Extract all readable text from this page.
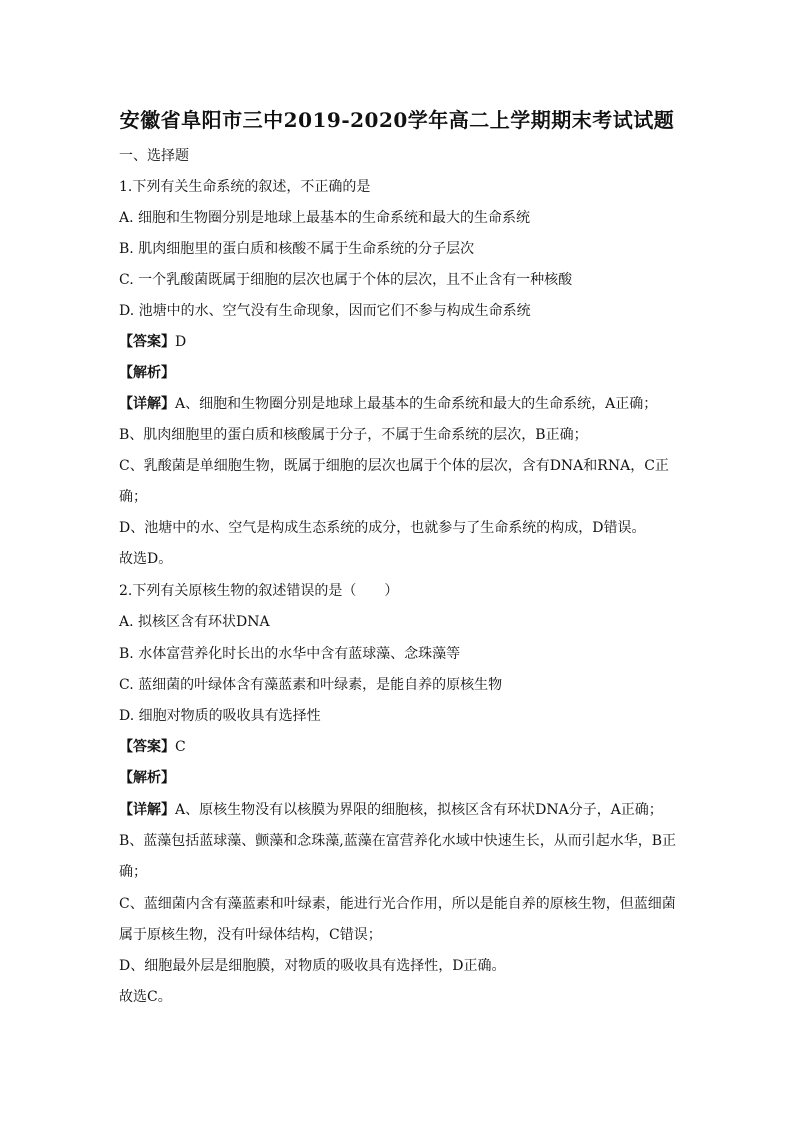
安徽省阜阳市三中2019-2020学年高二上学期期末考试试题
一、选择题
1.下列有关生命系统的叙述，不正确的是
A. 细胞和生物圈分别是地球上最基本的生命系统和最大的生命系统
B. 肌肉细胞里的蛋白质和核酸不属于生命系统的分子层次
C. 一个乳酸菌既属于细胞的层次也属于个体的层次，且不止含有一种核酸
D. 池塘中的水、空气没有生命现象，因而它们不参与构成生命系统
【答案】D
【解析】
【详解】A、细胞和生物圈分别是地球上最基本的生命系统和最大的生命系统，A正确；
B、肌肉细胞里的蛋白质和核酸属于分子，不属于生命系统的层次，B正确；
C、乳酸菌是单细胞生物，既属于细胞的层次也属于个体的层次，含有DNA和RNA，C正
确；
D、池塘中的水、空气是构成生态系统的成分，也就参与了生命系统的构成，D错误。
故选D。
2.下列有关原核生物的叙述错误的是（　　）
A. 拟核区含有环状DNA
B. 水体富营养化时长出的水华中含有蓝球藻、念珠藻等
C. 蓝细菌的叶绿体含有藻蓝素和叶绿素，是能自养的原核生物
D. 细胞对物质的吸收具有选择性
【答案】C
【解析】
【详解】A、原核生物没有以核膜为界限的细胞核，拟核区含有环状DNA分子，A正确；
B、蓝藻包括蓝球藻、颤藻和念珠藻,蓝藻在富营养化水域中快速生长，从而引起水华，B正
确；
C、蓝细菌内含有藻蓝素和叶绿素，能进行光合作用，所以是能自养的原核生物，但蓝细菌
属于原核生物，没有叶绿体结构，C错误；
D、细胞最外层是细胞膜，对物质的吸收具有选择性，D正确。
故选C。
